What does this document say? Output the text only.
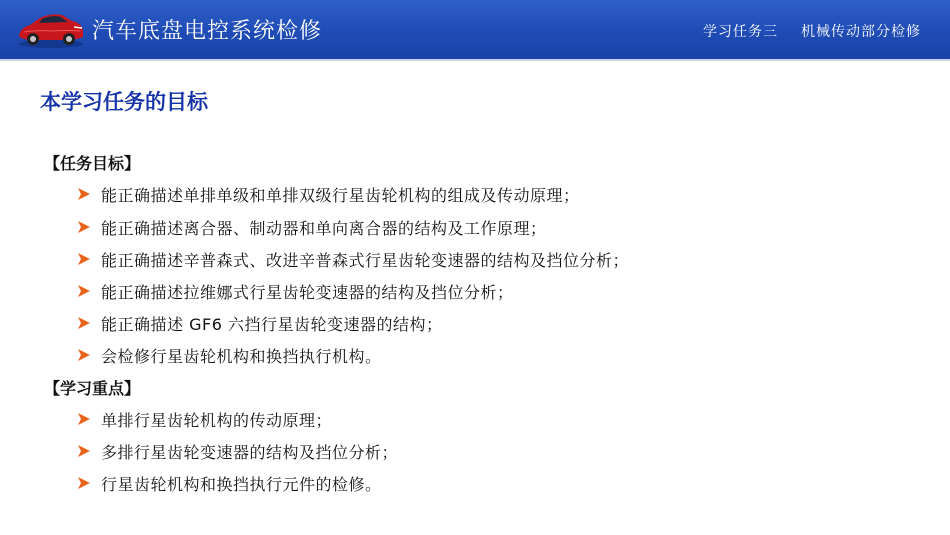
汽车底盘电控系统检修	学习任务三 机械传动部分检修
本学习任务的目标
【任务目标】
能正确描述单排单级和单排双级行星齿轮机构的组成及传动原理；
能正确描述离合器、制动器和单向离合器的结构及工作原理；
能正确描述辛普森式、改进辛普森式行星齿轮变速器的结构及挡位分析；
能正确描述拉维娜式行星齿轮变速器的结构及挡位分析；
能正确描述 GF6 六挡行星齿轮变速器的结构；
会检修行星齿轮机构和换挡执行机构。
【学习重点】
单排行星齿轮机构的传动原理；
多排行星齿轮变速器的结构及挡位分析；
行星齿轮机构和换挡执行元件的检修。
